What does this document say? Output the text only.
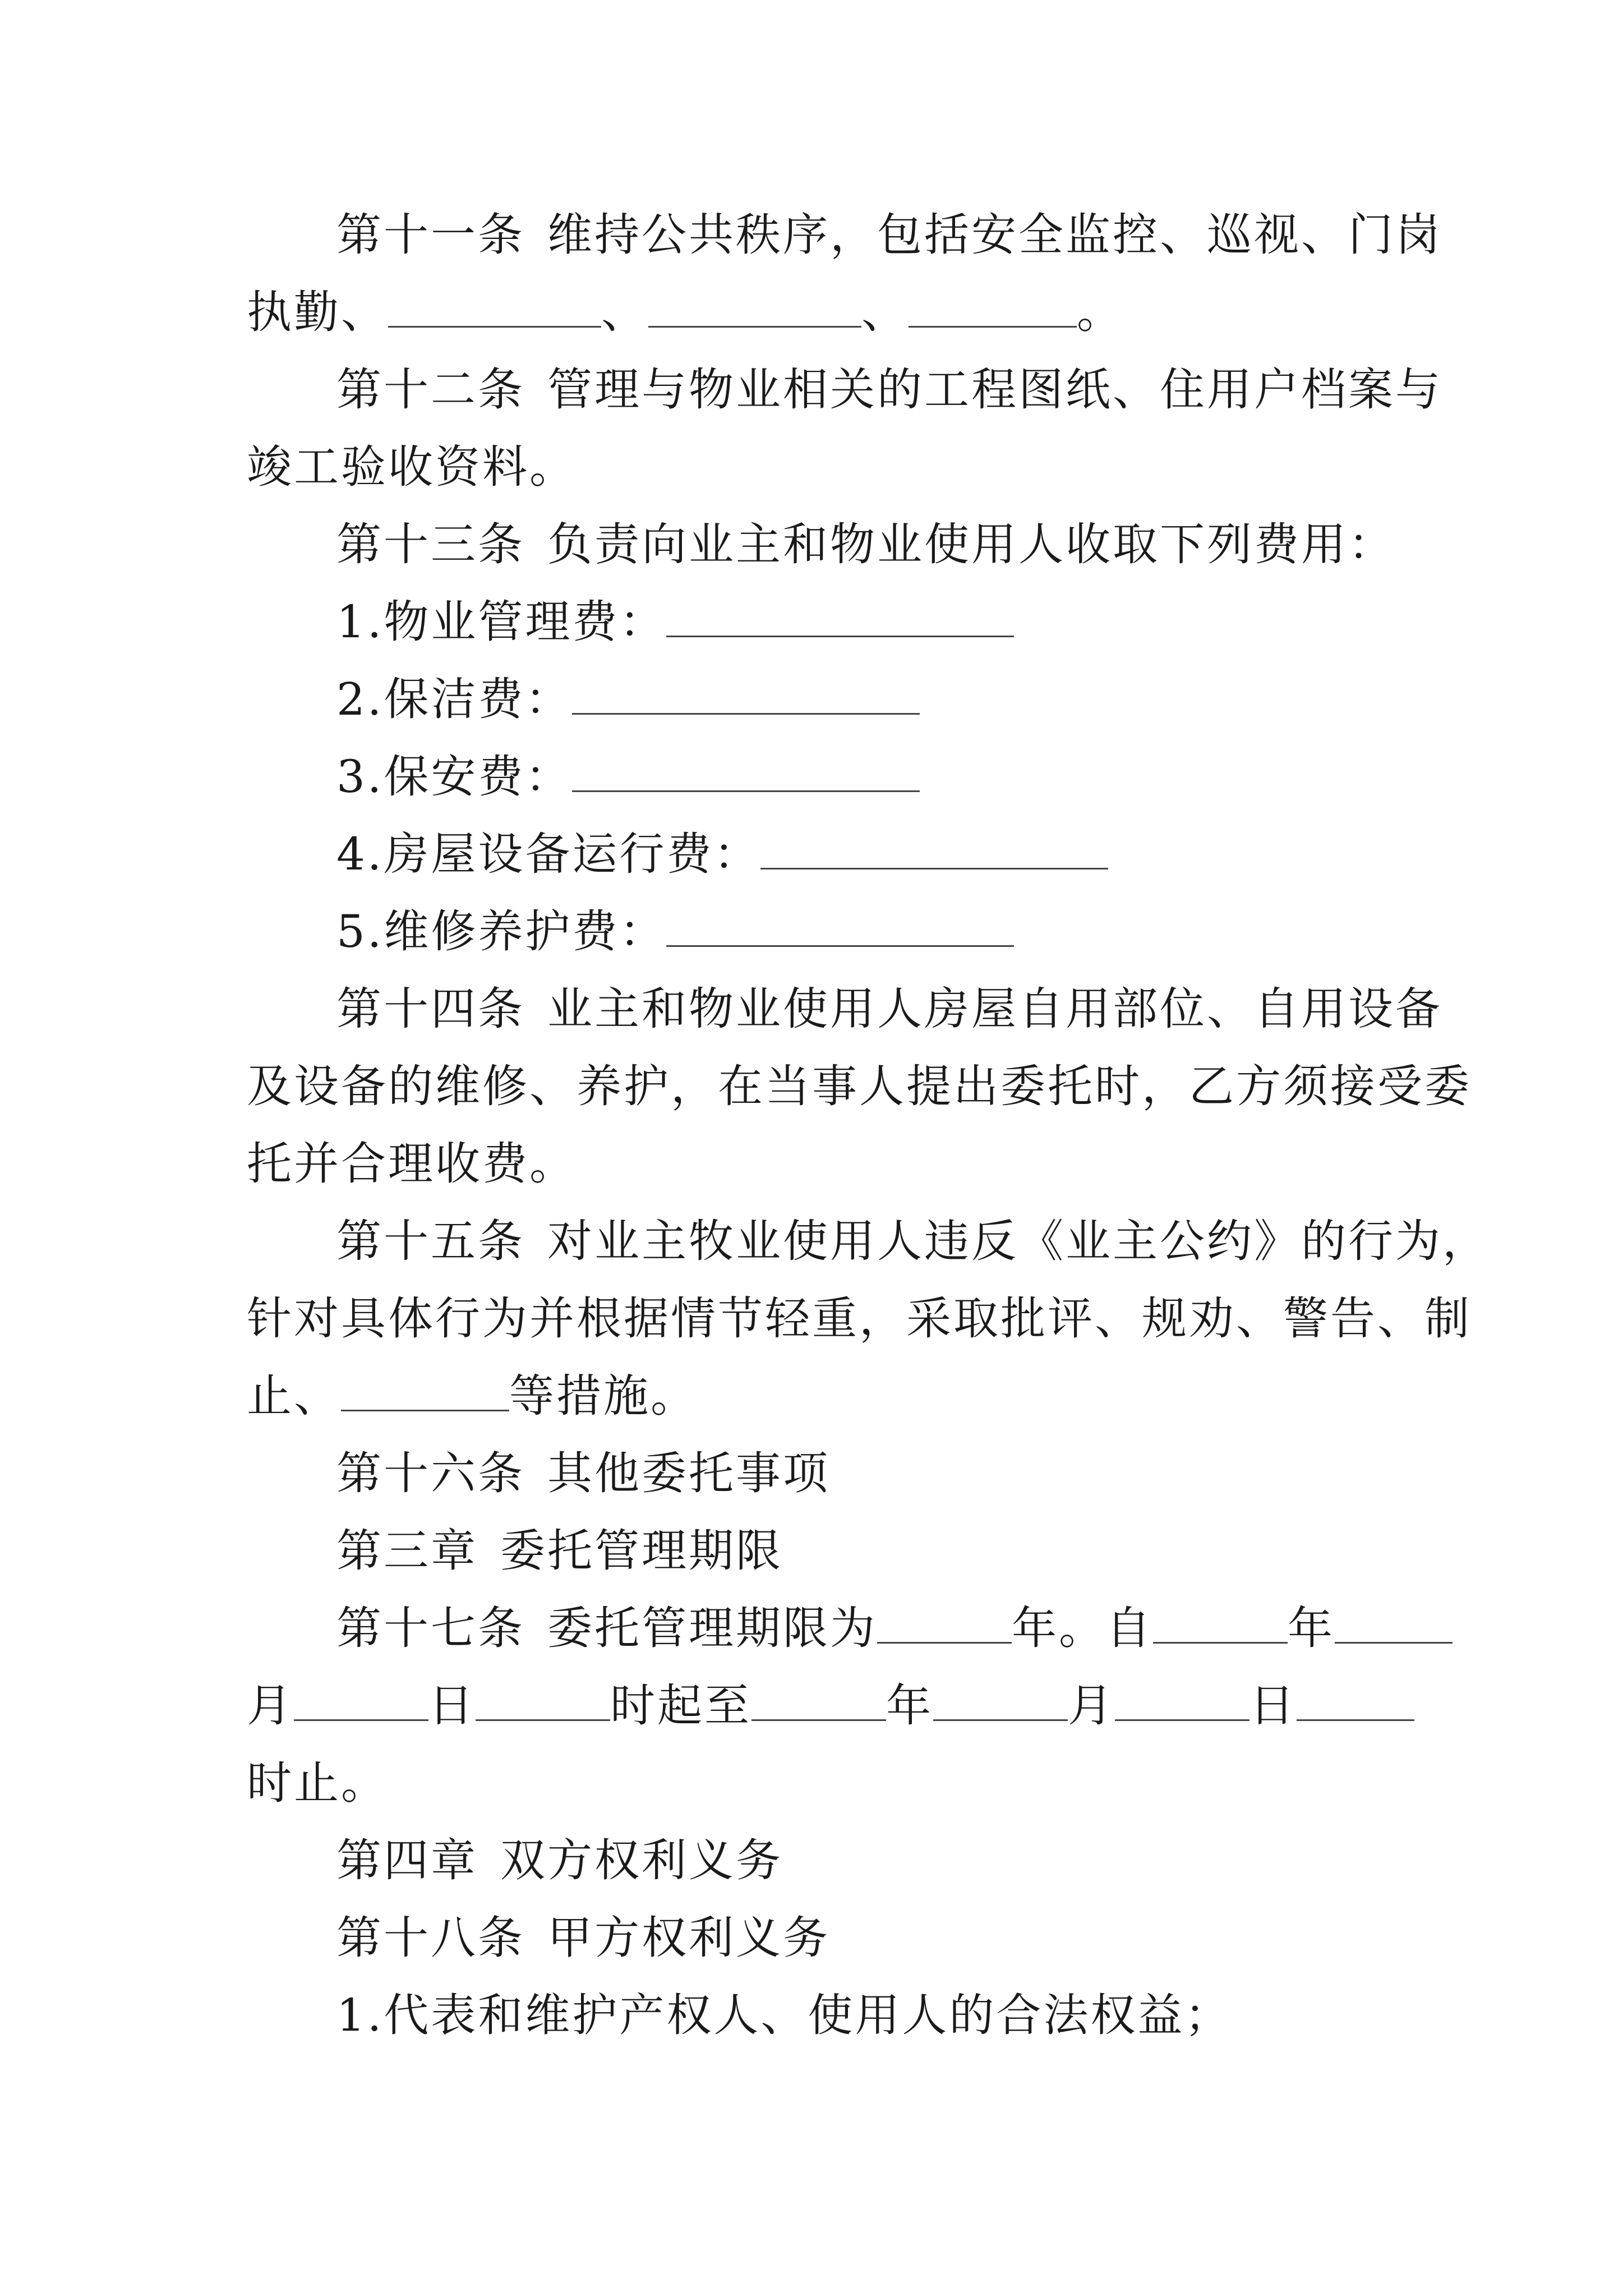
第十一条 维持公共秩序，包括安全监控、巡视、门岗

执勤、	、	、	。

第十二条 管理与物业相关的工程图纸、住用户档案与

竣工验收资料。

第十三条 负责向业主和物业使用人收取下列费用：

1.物业管理费：

2.保洁费：

3.保安费：

4.房屋设备运行费：

5.维修养护费：

第十四条 业主和物业使用人房屋自用部位、自用设备

及设备的维修、养护，在当事人提出委托时，乙方须接受委

托并合理收费。

第十五条 对业主牧业使用人违反《业主公约》的行为，

针对具体行为并根据情节轻重，采取批评、规劝、警告、制

止、	等措施。

第十六条 其他委托事项

第三章 委托管理期限

第十七条 委托管理期限为	年。自	年

月	日	时起至	年	月	日

时止。

第四章 双方权利义务

第十八条 甲方权利义务

1.代表和维护产权人、使用人的合法权益；
